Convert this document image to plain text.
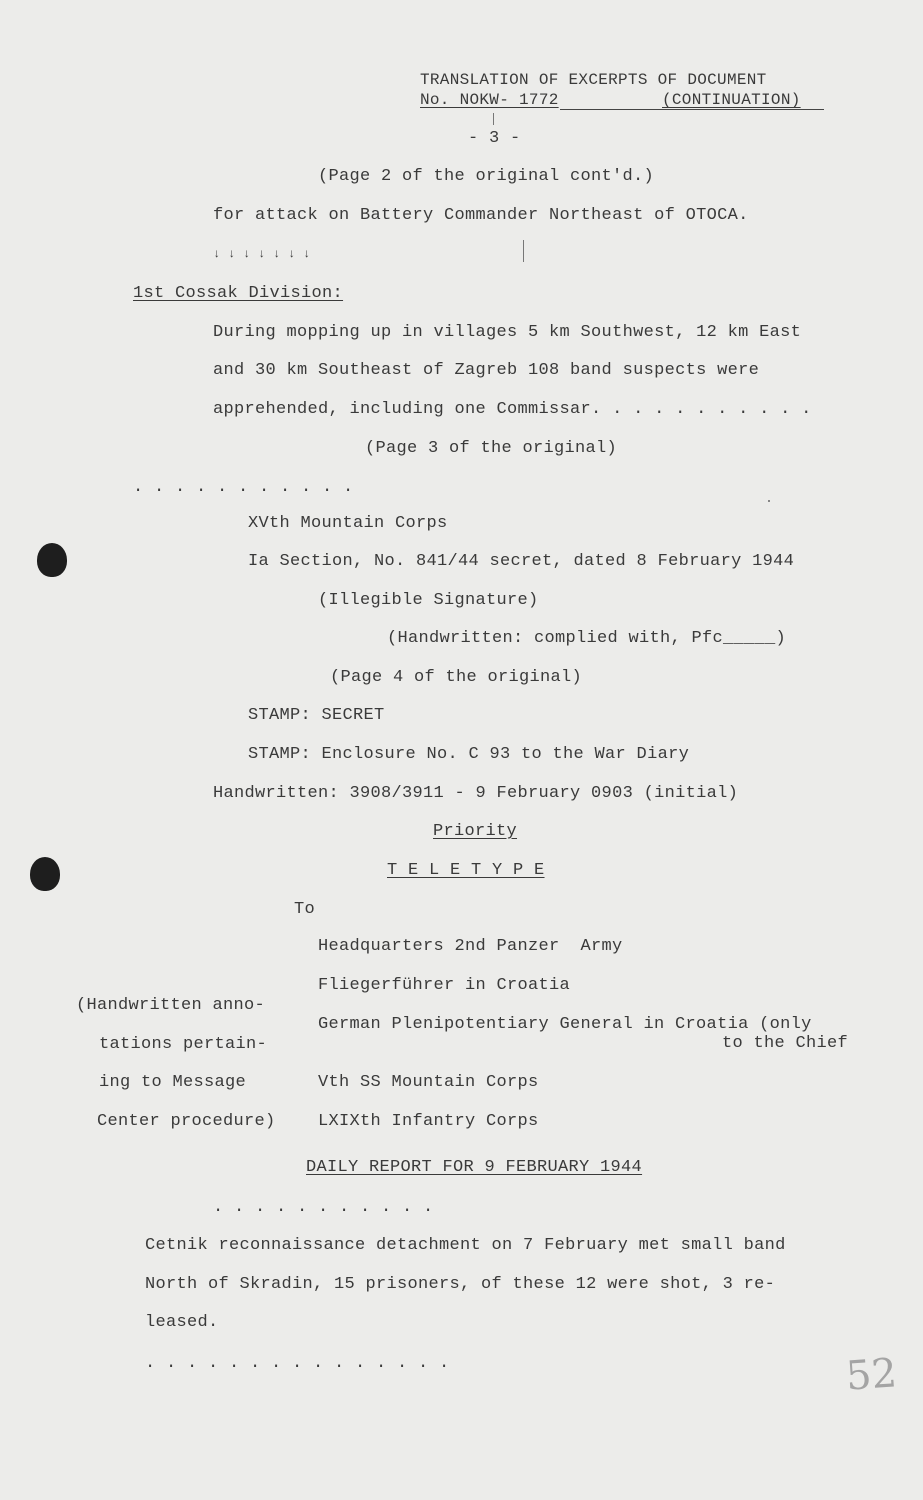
TRANSLATION OF EXCERPTS OF DOCUMENT
No. NOKW- 1772	(CONTINUATION)
- 3 -
(Page 2 of the original cont'd.)
for attack on Battery Commander Northeast of OTOCA.
↓ ↓ ↓ ↓ ↓ ↓ ↓
1st Cossak Division:
During mopping up in villages 5 km Southwest, 12 km East
and 30 km Southeast of Zagreb 108 band suspects were
apprehended, including one Commissar. . . . . . . . . . .
(Page 3 of the original)
. . . . . . . . . . .
XVth Mountain Corps
Ia Section, No. 841/44 secret, dated 8 February 1944
(Illegible Signature)
(Handwritten: complied with, Pfc_____)
(Page 4 of the original)
STAMP: SECRET
STAMP: Enclosure No. C 93 to the War Diary
Handwritten: 3908/3911 - 9 February 0903 (initial)
Priority
T E L E T Y P E
To
Headquarters 2nd Panzer  Army
Fliegerführer in Croatia
German Plenipotentiary General in Croatia (only
to the Chief
Vth SS Mountain Corps
LXIXth Infantry Corps
(Handwritten anno-
tations pertain-
ing to Message
Center procedure)
DAILY REPORT FOR 9 FEBRUARY 1944
. . . . . . . . . . .
Cetnik reconnaissance detachment on 7 February met small band
North of Skradin, 15 prisoners, of these 12 were shot, 3 re-
leased.
. . . . . . . . . . . . . . .	52
